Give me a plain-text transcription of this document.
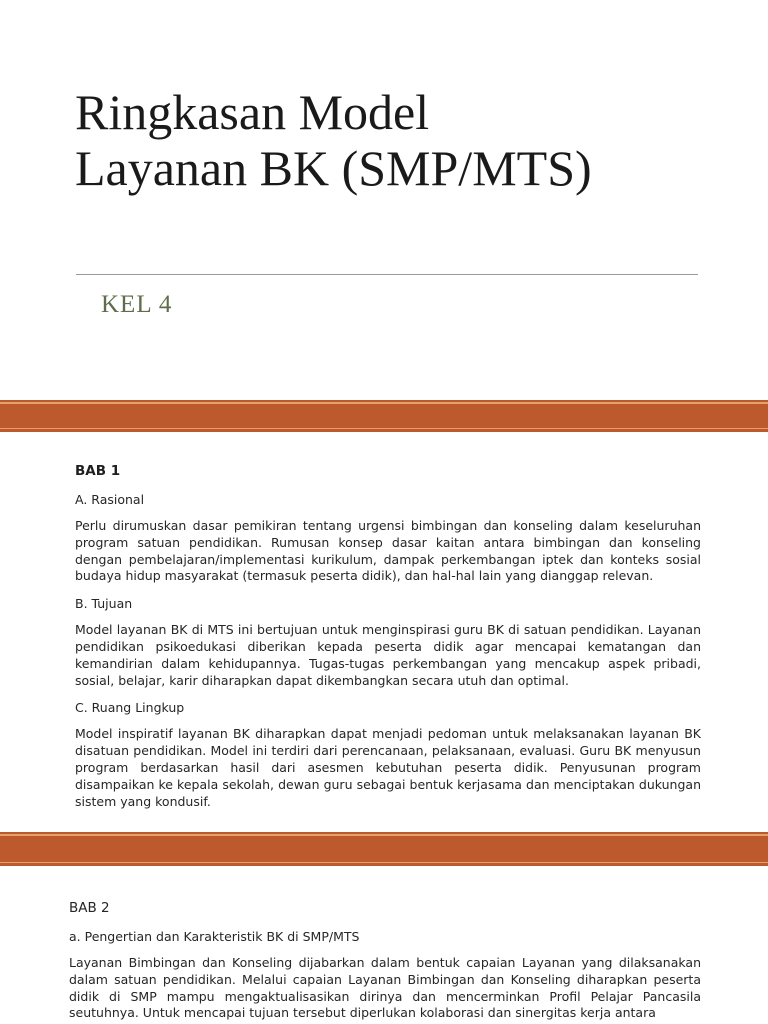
Ringkasan Model
Layanan BK (SMP/MTS)

KEL 4

BAB 1

A. Rasional

Perlu dirumuskan dasar pemikiran tentang urgensi bimbingan dan konseling dalam keseluruhan program satuan pendidikan. Rumusan konsep dasar kaitan antara bimbingan dan konseling dengan pembelajaran/implementasi kurikulum, dampak perkembangan iptek dan konteks sosial budaya hidup masyarakat (termasuk peserta didik), dan hal-hal lain yang dianggap relevan.

B. Tujuan

Model layanan BK di MTS ini bertujuan untuk menginspirasi guru BK di satuan pendidikan. Layanan pendidikan psikoedukasi diberikan kepada peserta didik agar mencapai kematangan dan kemandirian dalam kehidupannya. Tugas-tugas perkembangan yang mencakup aspek pribadi, sosial, belajar, karir diharapkan dapat dikembangkan secara utuh dan optimal.

C. Ruang Lingkup

Model inspiratif layanan BK diharapkan dapat menjadi pedoman untuk melaksanakan layanan BK disatuan pendidikan. Model ini terdiri dari perencanaan, pelaksanaan, evaluasi. Guru BK menyusun program berdasarkan hasil dari asesmen kebutuhan peserta didik. Penyusunan program disampaikan ke kepala sekolah, dewan guru sebagai bentuk kerjasama dan menciptakan dukungan sistem yang kondusif.

BAB 2

a. Pengertian dan Karakteristik BK di SMP/MTS

Layanan Bimbingan dan Konseling dijabarkan dalam bentuk capaian Layanan yang dilaksanakan dalam satuan pendidikan. Melalui capaian Layanan Bimbingan dan Konseling diharapkan peserta didik di SMP mampu mengaktualisasikan dirinya dan mencerminkan Profil Pelajar Pancasila seutuhnya. Untuk mencapai tujuan tersebut diperlukan kolaborasi dan sinergitas kerja antara
